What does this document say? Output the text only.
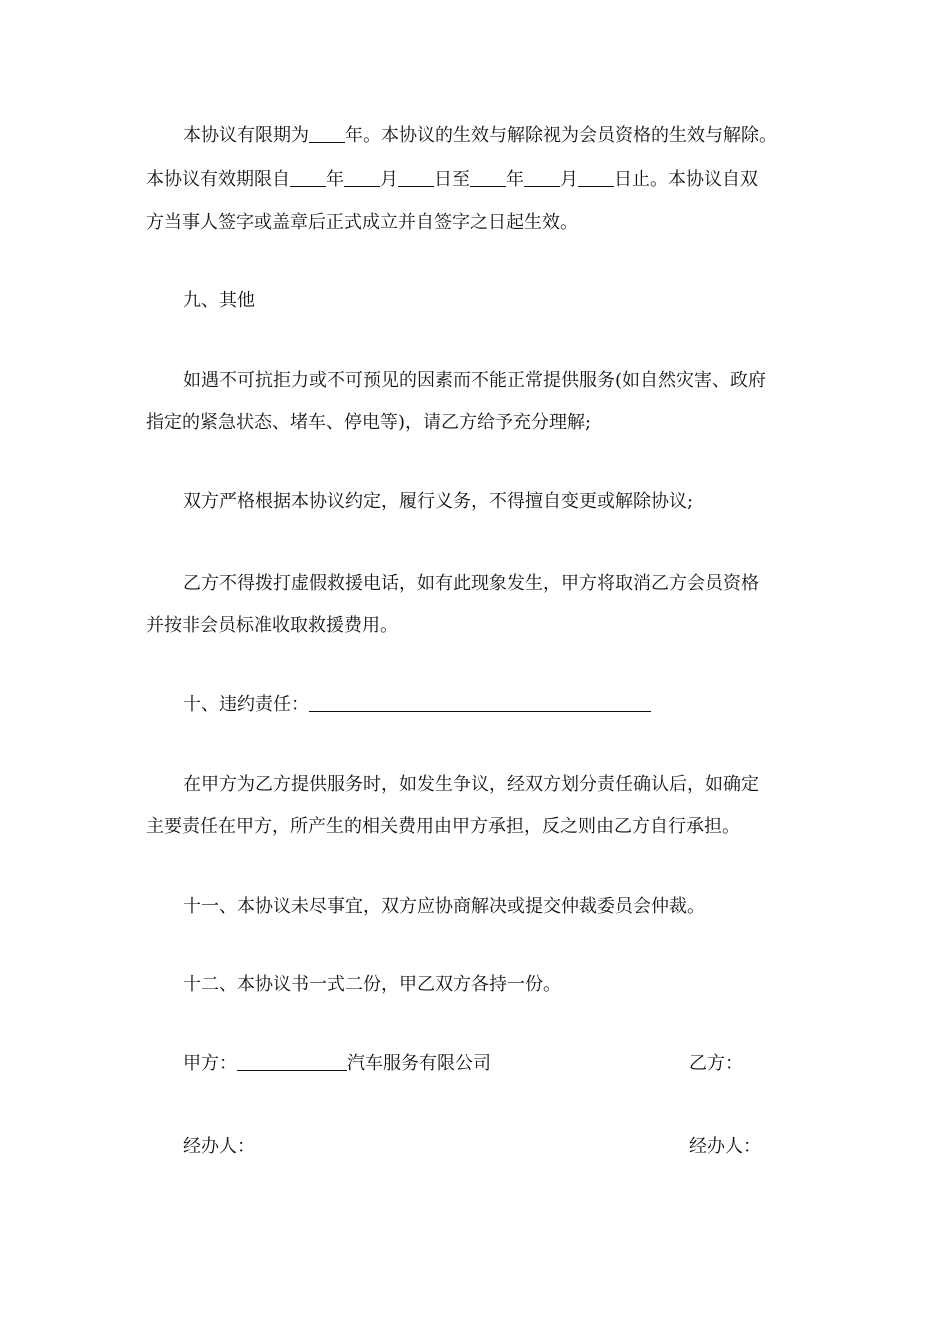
本协议有限期为 年。本协议的生效与解除视为会员资格的生效与解除。
本协议有效期限自 年 月 日至 年 月 日止。本协议自双
方当事人签字或盖章后正式成立并自签字之日起生效。
九、其他
如遇不可抗拒力或不可预见的因素而不能正常提供服务(如自然灾害、政府
指定的紧急状态、堵车、停电等)，请乙方给予充分理解;
双方严格根据本协议约定，履行义务，不得擅自变更或解除协议;
乙方不得拨打虚假救援电话，如有此现象发生，甲方将取消乙方会员资格
并按非会员标准收取救援费用。
十、违约责任：
在甲方为乙方提供服务时，如发生争议，经双方划分责任确认后，如确定
主要责任在甲方，所产生的相关费用由甲方承担，反之则由乙方自行承担。
十一、本协议未尽事宜，双方应协商解决或提交仲裁委员会仲裁。
十二、本协议书一式二份，甲乙双方各持一份。
甲方：	汽车服务有限公司	乙方：
经办人：	经办人：
